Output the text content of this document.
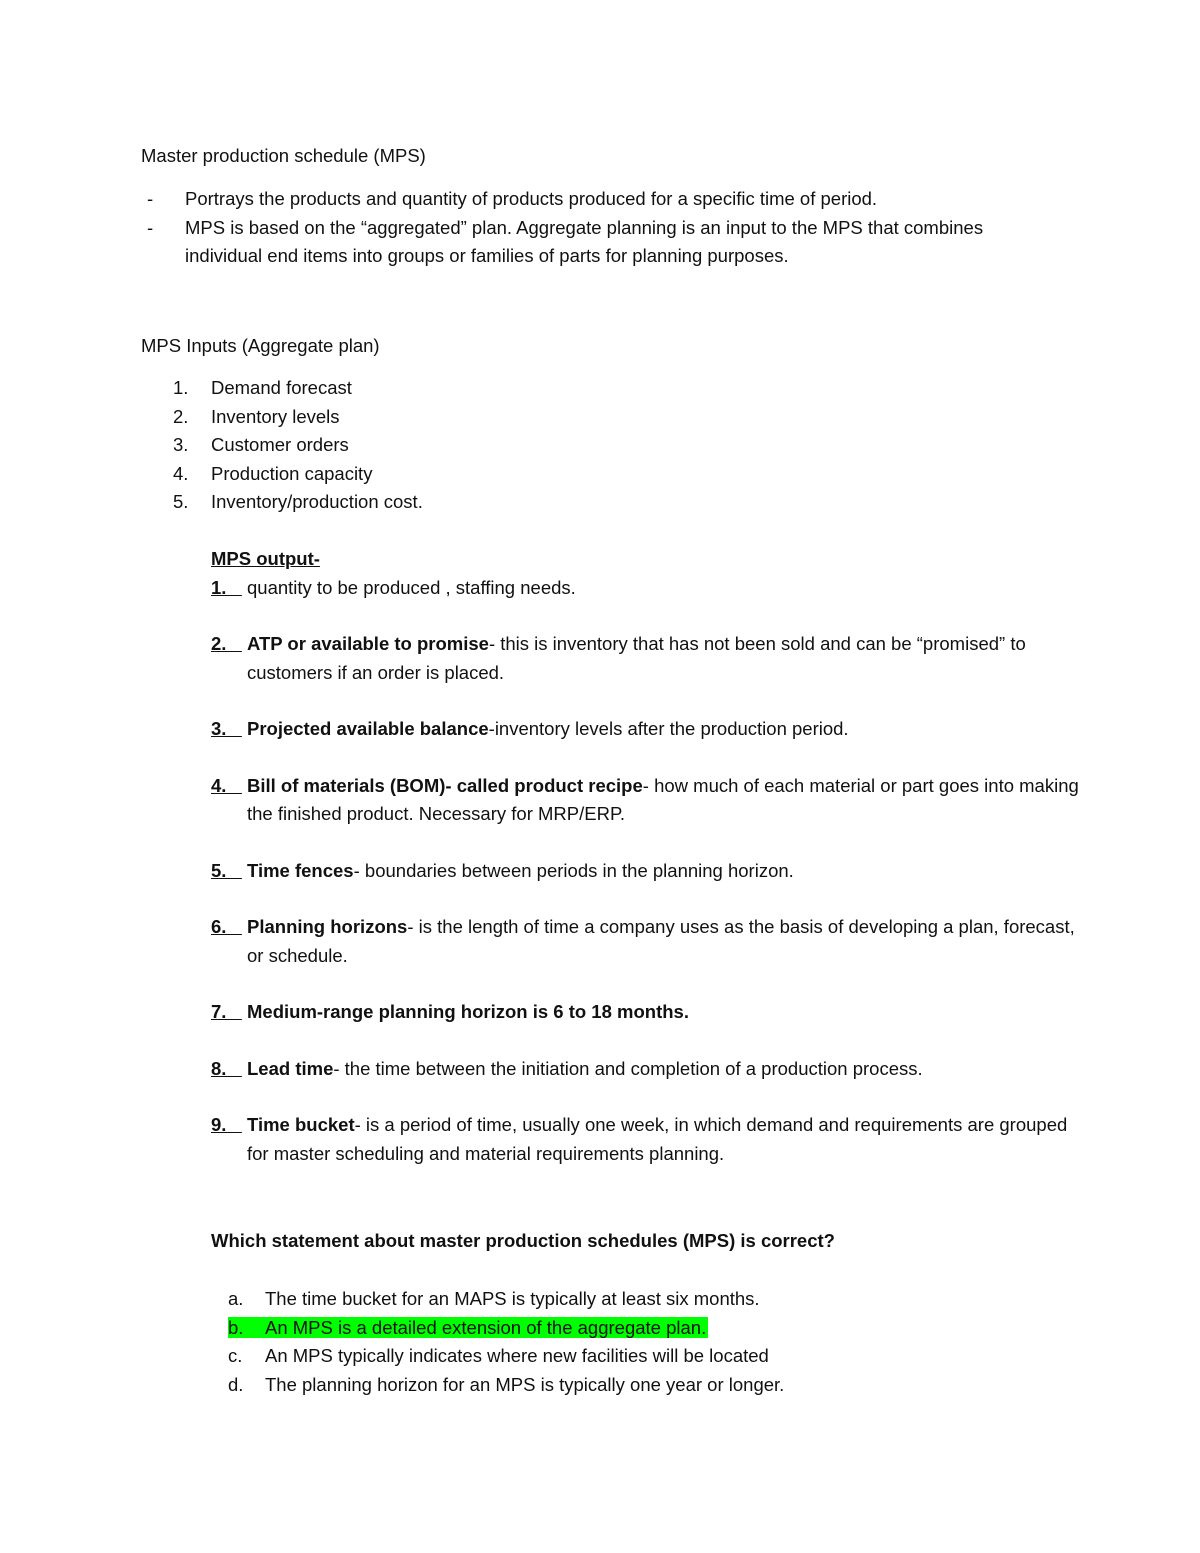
Master production schedule (MPS)
- Portrays the products and quantity of products produced for a specific time of period.
- MPS is based on the “aggregated” plan. Aggregate planning is an input to the MPS that combines individual end items into groups or families of parts for planning purposes.
MPS Inputs (Aggregate plan)
1. Demand forecast
2. Inventory levels
3. Customer orders
4. Production capacity
5. Inventory/production cost.
MPS output-
1. quantity to be produced , staffing needs.
2. ATP or available to promise- this is inventory that has not been sold and can be “promised” to customers if an order is placed.
3. Projected available balance-inventory levels after the production period.
4. Bill of materials (BOM)- called product recipe- how much of each material or part goes into making the finished product. Necessary for MRP/ERP.
5. Time fences- boundaries between periods in the planning horizon.
6. Planning horizons- is the length of time a company uses as the basis of developing a plan, forecast, or schedule.
7. Medium-range planning horizon is 6 to 18 months.
8. Lead time- the time between the initiation and completion of a production process.
9. Time bucket- is a period of time, usually one week, in which demand and requirements are grouped for master scheduling and material requirements planning.
Which statement about master production schedules (MPS) is correct?
a. The time bucket for an MAPS is typically at least six months.
b. An MPS is a detailed extension of the aggregate plan.
c. An MPS typically indicates where new facilities will be located
d. The planning horizon for an MPS is typically one year or longer.
